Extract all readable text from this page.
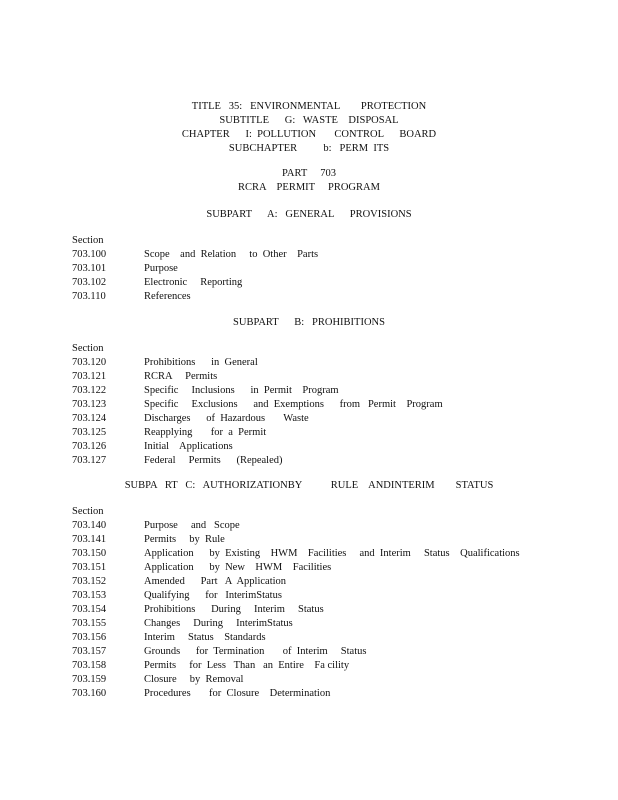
TITLE   35:   ENVIRONMENTAL        PROTECTION
SUBTITLE      G:   WASTE    DISPOSAL
CHAPTER      I:  POLLUTION       CONTROL      BOARD
SUBCHAPTER          b:   PERM  ITS
PART     703
RCRA    PERMIT     PROGRAM
SUBPART      A:   GENERAL      PROVISIONS
Section
703.100	Scope    and  Relation     to  Other    Parts
703.101	Purpose
703.102	Electronic     Reporting
703.110	References
SUBPART      B:   PROHIBITIONS
Section
703.120	Prohibitions      in  General
703.121	RCRA     Permits
703.122	Specific     Inclusions      in  Permit    Program
703.123	Specific     Exclusions      and  Exemptions      from   Permit    Program
703.124	Discharges      of  Hazardous       Waste
703.125	Reapplying       for  a  Permit
703.126	Initial    Applications
703.127	Federal     Permits      (Repealed)
SUBPA   RT   C:   AUTHORIZATIONBY           RULE    ANDINTERIM        STATUS
Section
703.140	Purpose     and   Scope
703.141	Permits     by  Rule
703.150	Application      by  Existing    HWM    Facilities     and  Interim     Status    Qualifications
703.151	Application      by  New    HWM    Facilities
703.152	Amended      Part   A  Application
703.153	Qualifying      for   InterimStatus
703.154	Prohibitions      During     Interim     Status
703.155	Changes     During     InterimStatus
703.156	Interim     Status    Standards
703.157	Grounds      for  Termination       of  Interim     Status
703.158	Permits     for  Less   Than   an  Entire    Fa cility
703.159	Closure     by  Removal
703.160	Procedures       for  Closure    Determination
